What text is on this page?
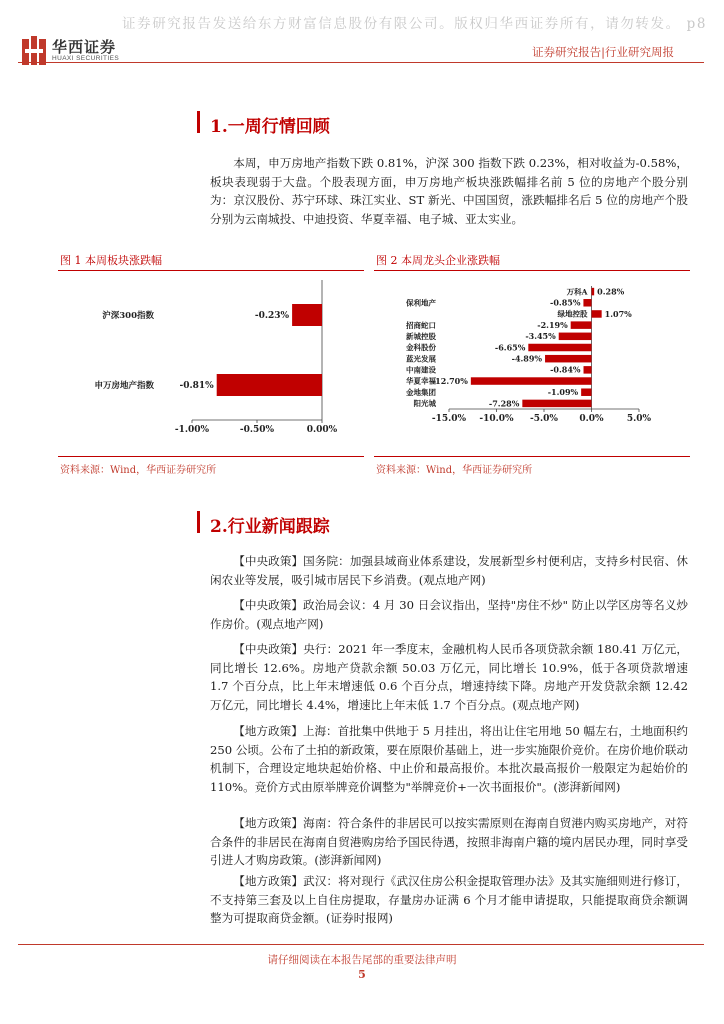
证券研究报告发送给东方财富信息股份有限公司。版权归华西证券所有，请勿转发。 p8
华西证券
HUAXI SECURITIES	证券研究报告|行业研究周报
1.一周行情回顾

本周，申万房地产指数下跌 0.81%，沪深 300 指数下跌 0.23%，相对收益为-0.58%，板块表现弱于大盘。个股表现方面，申万房地产板块涨跌幅排名前 5 位的房地产个股分别为：京汉股份、苏宁环球、珠江实业、ST 新光、中国国贸，涨跌幅排名后 5 位的房地产个股分别为云南城投、中迪投资、华夏幸福、电子城、亚太实业。

图 1 本周板块涨跌幅
-1.00%	-0.50%	0.00%
沪深300指数	-0.23%
申万房地产指数	-0.81%
资料来源：Wind，华西证券研究所
图 2 本周龙头企业涨跌幅
-15.0% -10.0% -5.0% 0.0%	5.0%
万科A 0.28%
保利地产	-0.85%
绿地控股 1.07%
招商蛇口	-2.19%
新城控股	-3.45%
金科股份	-6.65%
蓝光发展	-4.89%
中南建设	-0.84%
华夏幸福
-12.70%
金地集团	-1.09%
阳光城	-7.28%
资料来源：Wind，华西证券研究所
2.行业新闻跟踪

【中央政策】国务院：加强县域商业体系建设，发展新型乡村便利店，支持乡村民宿、休闲农业等发展，吸引城市居民下乡消费。(观点地产网)

【中央政策】政治局会议：4 月 30 日会议指出，坚持"房住不炒" 防止以学区房等名义炒作房价。(观点地产网)

【中央政策】央行：2021 年一季度末，金融机构人民币各项贷款余额 180.41 万亿元，同比增长 12.6%。房地产贷款余额 50.03 万亿元，同比增长 10.9%，低于各项贷款增速 1.7 个百分点，比上年末增速低 0.6 个百分点，增速持续下降。房地产开发贷款余额 12.42 万亿元，同比增长 4.4%，增速比上年末低 1.7 个百分点。(观点地产网)

【地方政策】上海：首批集中供地于 5 月挂出，将出让住宅用地 50 幅左右，土地面积约 250 公顷。公布了土拍的新政策，要在原限价基础上，进一步实施限价竞价。在房价地价联动机制下，合理设定地块起始价格、中止价和最高报价。本批次最高报价一般限定为起始价的 110%。竞价方式由原举牌竞价调整为"举牌竞价+一次书面报价"。(澎湃新闻网)

【地方政策】海南：符合条件的非居民可以按实需原则在海南自贸港内购买房地产，对符合条件的非居民在海南自贸港购房给予国民待遇，按照非海南户籍的境内居民办理，同时享受引进人才购房政策。(澎湃新闻网)

【地方政策】武汉：将对现行《武汉住房公积金提取管理办法》及其实施细则进行修订，不支持第三套及以上自住房提取，存量房办证满 6 个月才能申请提取，只能提取商贷余额调整为可提取商贷金额。(证券时报网)

请仔细阅读在本报告尾部的重要法律声明
5
